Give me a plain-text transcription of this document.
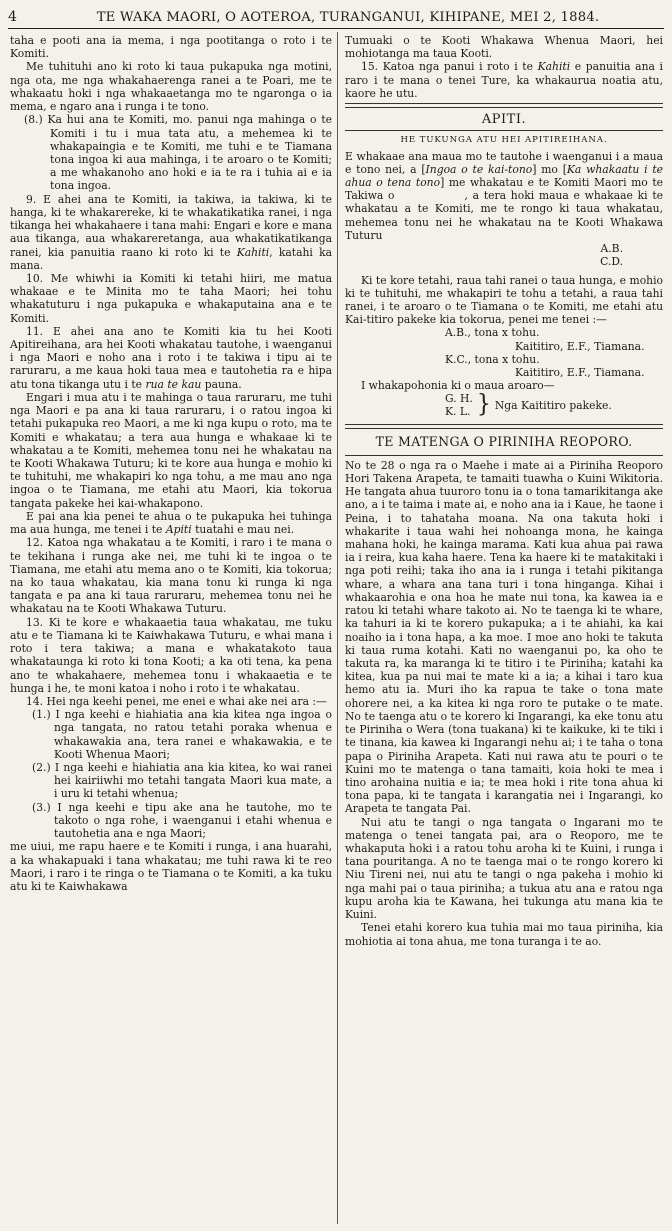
4	TE WAKA MAORI, O AOTEROA, TURANGANUI, KIHIPANE, MEI 2, 1884.

taha e pooti ana ia mema, i nga pootitanga o roto i te Komiti.

Me tuhituhi ano ki roto ki taua pukapuka nga motini, nga ota, me nga whakahaerenga ranei a te Poari, me te whakaatu hoki i nga whakaaetanga mo te ngaronga o ia mema, e ngaro ana i runga i te tono.

(8.) Ka hui ana te Komiti, mo. panui nga mahinga o te Komiti i tu i mua tata atu, a mehemea ki te whakapaingia e te Komiti, me tuhi e te Tiamana tona ingoa ki aua mahinga, i te aroaro o te Komiti; a me whakanoho ano hoki e ia te ra i tuhia ai e ia tona ingoa.

9. E ahei ana te Komiti, ia takiwa, ia takiwa, ki te hanga, ki te whakarereke, ki te whakatikatika ranei, i nga tikanga hei whakahaere i tana mahi: Engari e kore e mana aua tikanga, aua whakareretanga, aua whakatikatikanga ranei, kia panuitia raano ki roto ki te Kahiti, katahi ka mana.

10. Me whiwhi ia Komiti ki tetahi hiiri, me matua whakaae e te Minita mo te taha Maori; hei tohu whakatuturu i nga pukapuka e whakaputaina ana e te Komiti.

11. E ahei ana ano te Komiti kia tu hei Kooti Apitireihana, ara hei Kooti whakatau tautohe, i waenganui i nga Maori e noho ana i roto i te takiwa i tipu ai te raruraru, a me kaua hoki taua mea e tautohetia ra e hipa atu tona tikanga utu i te rua te kau pauna.

Engari i mua atu i te mahinga o taua raruraru, me tuhi nga Maori e pa ana ki taua raruraru, i o ratou ingoa ki tetahi pukapuka reo Maori, a me ki nga kupu o roto, ma te Komiti e whakatau; a tera aua hunga e whakaae ki te whakatau a te Komiti, mehemea tonu nei he whakatau na te Kooti Whakawa Tuturu; ki te kore aua hunga e mohio ki te tuhituhi, me whakapiri ko nga tohu, a me mau ano nga ingoa o te Tiamana, me etahi atu Maori, kia tokorua tangata pakeke hei kai-whakapono.

E pai ana kia penei te ahua o te pukapuka hei tuhinga ma aua hunga, me tenei i te Apiti tuatahi e mau nei.

12. Katoa nga whakatau a te Komiti, i raro i te mana o te tekihana i runga ake nei, me tuhi ki te ingoa o te Tiamana, me etahi atu mema ano o te Komiti, kia tokorua; na ko taua whakatau, kia mana tonu ki runga ki nga tangata e pa ana ki taua raruraru, mehemea tonu nei he whakatau na te Kooti Whakawa Tuturu.

13. Ki te kore e whakaaetia taua whakatau, me tuku atu e te Tiamana ki te Kaiwhakawa Tuturu, e whai mana i roto i tera takiwa; a mana e whakatakoto taua whakataunga ki roto ki tona Kooti; a ka oti tena, ka pena ano te whakahaere, mehemea tonu i whakaaetia e te hunga i he, te moni katoa i noho i roto i te whakatau.

14. Hei nga keehi penei, me enei e whai ake nei ara :—

(1.) I nga keehi e hiahiatia ana kia kitea nga ingoa o nga tangata, no ratou tetahi poraka whenua e whakawakia ana, tera ranei e whakawakia, e te Kooti Whenua Maori;

(2.) I nga keehi e hiahiatia ana kia kitea, ko wai ranei hei kairiiwhi mo tetahi tangata Maori kua mate, a i uru ki tetahi whenua;

(3.) I nga keehi e tipu ake ana he tautohe, mo te takoto o nga rohe, i waenganui i etahi whenua e tautohetia ana e nga Maori;

me uiui, me rapu haere e te Komiti i runga, i ana huarahi, a ka whakapuaki i tana whakatau; me tuhi rawa ki te reo Maori, i raro i te ringa o te Tiamana o te Komiti, a ka tuku atu ki te Kaiwhakawa

Tumuaki o te Kooti Whakawa Whenua Maori, hei mohiotanga ma taua Kooti.

15. Katoa nga panui i roto i te Kahiti e panuitia ana i raro i te mana o tenei Ture, ka whakaurua noatia atu, kaore he utu.

APITI.
HE TUKUNGA ATU HEI APITIREIHANA.

E whakaae ana maua mo te tautohe i waenganui i a maua e tono nei, a [Ingoa o te kai-tono] mo [Ka whakaatu i te ahua o tena tono] me whakatau e te Komiti Maori mo te Takiwa o	, a tera hoki maua e whakaae ki te whakatau a te Komiti, me te rongo ki taua whakatau, mehemea tonu nei he whakatau na te Kooti Whakawa Tuturu

A.B.

C.D.

Ki te kore tetahi, raua tahi ranei o taua hunga, e mohio ki te tuhituhi, me whakapiri te tohu a tetahi, a raua tahi ranei, i te aroaro o te Tiamana o te Komiti, me etahi atu Kai-titiro pakeke kia tokorua, penei me tenei :—

A.B., tona x tohu.

Kaititiro, E.F., Tiamana.

K.C., tona x tohu.

Kaititiro, E.F., Tiamana.

I whakapohonia ki o maua aroaro—

G. H.
K. L. } Nga Kaititiro pakeke.
TE MATENGA O PIRINIHA REOPORO.

No te 28 o nga ra o Maehe i mate ai a Piriniha Reoporo Hori Takena Arapeta, te tamaiti tuawha o Kuini Wikitoria. He tangata ahua tuuroro tonu ia o tona tamarikitanga ake ano, a i te taima i mate ai, e noho ana ia i Kaue, he taone i Peina, i to tahataha moana. Na ona takuta hoki i whakarite i taua wahi hei nohoanga mona, he kainga mahana hoki, he kainga marama. Kati kua ahua pai rawa ia i reira, kua kaha haere. Tena ka haere ki te matakitaki i nga poti reihi; taka iho ana ia i runga i tetahi pikitanga whare, a whara ana tana turi i tona hinganga. Kihai i whakaarohia e ona hoa he mate nui tona, ka kawea ia e ratou ki tetahi whare takoto ai. No te taenga ki te whare, ka tahuri ia ki te korero pukapuka; a i te ahiahi, ka kai noaiho ia i tona hapa, a ka moe. I moe ano hoki te takuta ki taua ruma kotahi. Kati no waenganui po, ka oho te takuta ra, ka maranga ki te titiro i te Piriniha; katahi ka kitea, kua pa nui mai te mate ki a ia; a kihai i taro kua hemo atu ia. Muri iho ka rapua te take o tona mate ohorere nei, a ka kitea ki nga roro te putake o te mate. No te taenga atu o te korero ki Ingarangi, ka eke tonu atu te Piriniha o Wera (tona tuakana) ki te kaikuke, ki te tiki i te tinana, kia kawea ki Ingarangi nehu ai; i te taha o tona papa o Piriniha Arapeta. Kati nui rawa atu te pouri o te Kuini mo te matenga o tana tamaiti, koia hoki te mea i tino arohaina nuitia e ia; te mea hoki i rite tona ahua ki tona papa, ki te tangata i karangatia nei i Ingarangi, ko Arapeta te tangata Pai.

Nui atu te tangi o nga tangata o Ingarani mo te matenga o tenei tangata pai, ara o Reoporo, me te whakaputa hoki i a ratou tohu aroha ki te Kuini, i runga i tana pouritanga. A no te taenga mai o te rongo korero ki Niu Tireni nei, nui atu te tangi o nga pakeha i mohio ki nga mahi pai o taua piriniha; a tukua atu ana e ratou nga kupu aroha kia te Kawana, hei tukunga atu mana kia te Kuini.

Tenei etahi korero kua tuhia mai mo taua piriniha, kia mohiotia ai tona ahua, me tona turanga i te ao.
